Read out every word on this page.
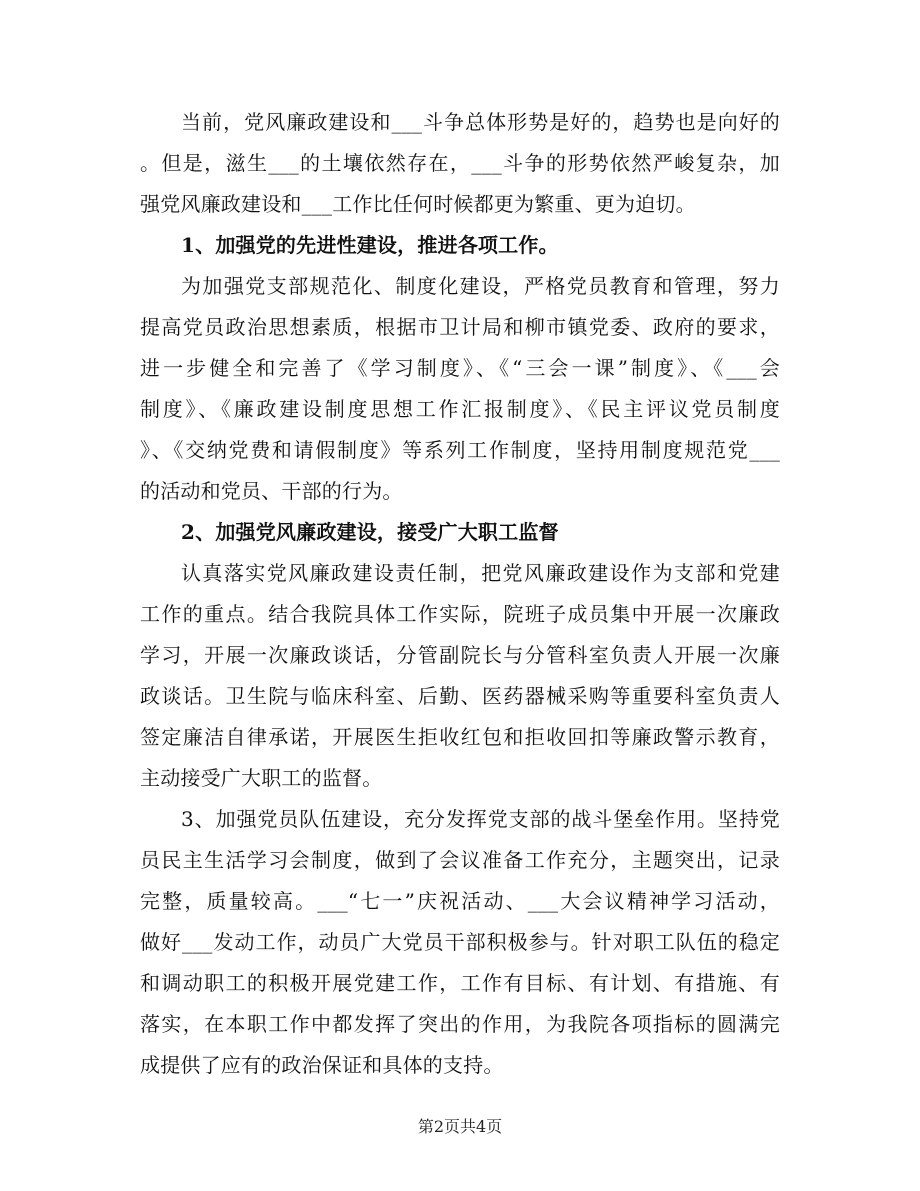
当前，党风廉政建设和___斗争总体形势是好的，趋势也是向好的
。但是，滋生___的土壤依然存在，___斗争的形势依然严峻复杂，加
强党风廉政建设和___工作比任何时候都更为繁重、更为迫切。
1、加强党的先进性建设，推进各项工作。
为加强党支部规范化、制度化建设，严格党员教育和管理，努力
提高党员政治思想素质，根据市卫计局和柳市镇党委、政府的要求，
进一步健全和完善了《学习制度》、《“三会一课”制度》、《___会
制度》、《廉政建设制度思想工作汇报制度》、《民主评议党员制度
》、《交纳党费和请假制度》等系列工作制度，坚持用制度规范党___
的活动和党员、干部的行为。
2、加强党风廉政建设，接受广大职工监督
认真落实党风廉政建设责任制，把党风廉政建设作为支部和党建
工作的重点。结合我院具体工作实际，院班子成员集中开展一次廉政
学习，开展一次廉政谈话，分管副院长与分管科室负责人开展一次廉
政谈话。卫生院与临床科室、后勤、医药器械采购等重要科室负责人
签定廉洁自律承诺，开展医生拒收红包和拒收回扣等廉政警示教育，
主动接受广大职工的监督。
3、加强党员队伍建设，充分发挥党支部的战斗堡垒作用。坚持党
员民主生活学习会制度，做到了会议准备工作充分，主题突出，记录
完整，质量较高。___“七一”庆祝活动、___大会议精神学习活动，
做好___发动工作，动员广大党员干部积极参与。针对职工队伍的稳定
和调动职工的积极开展党建工作，工作有目标、有计划、有措施、有
落实，在本职工作中都发挥了突出的作用，为我院各项指标的圆满完
成提供了应有的政治保证和具体的支持。
第2页共4页
